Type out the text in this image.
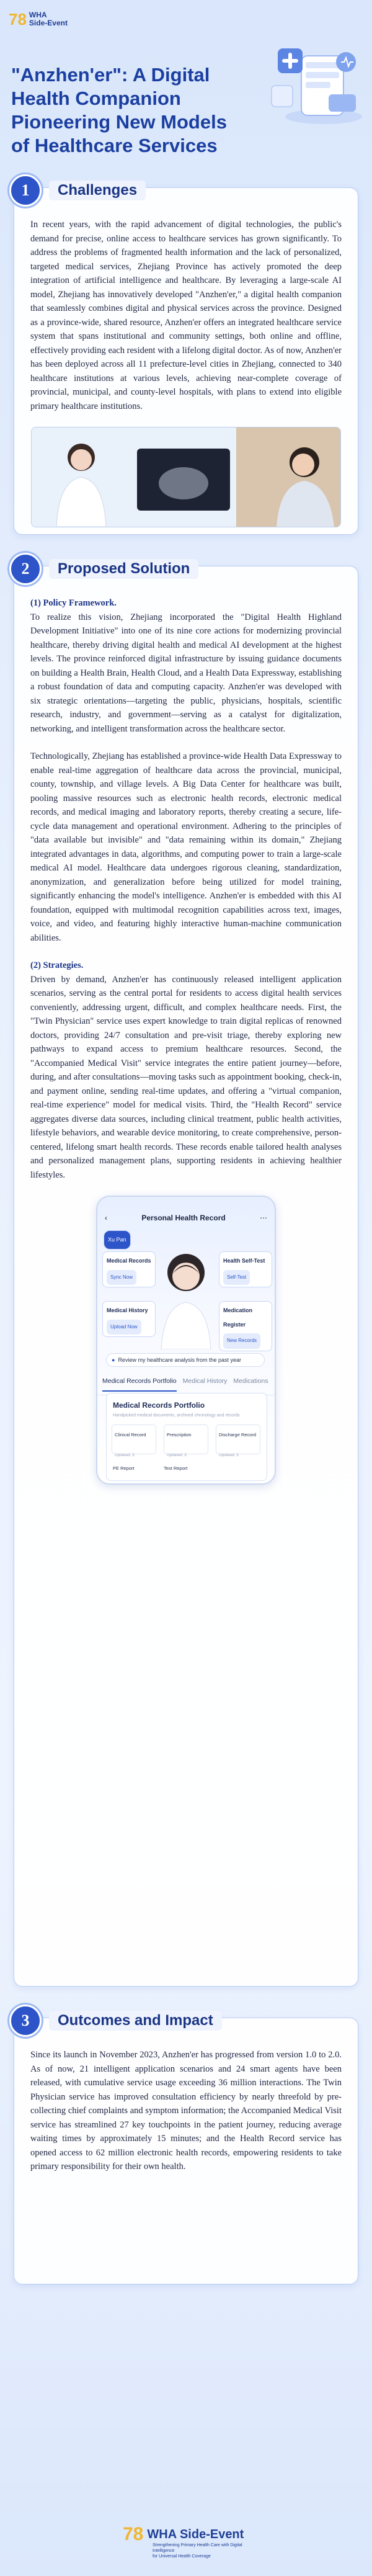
78 WHA
Side-Event
"Anzhen'er": A Digital
Health Companion
Pioneering New Models
of Healthcare Services
1	Challenges

In recent years, with the rapid advancement of digital technologies, the public's demand for precise, online access to healthcare services has grown significantly. To address the problems of fragmented health information and the lack of personalized, targeted medical services, Zhejiang Province has actively promoted the deep integration of artificial intelligence and healthcare. By leveraging a large-scale AI model, Zhejiang has innovatively developed "Anzhen'er," a digital health companion that seamlessly combines digital and physical services across the province. Designed as a province-wide, shared resource, Anzhen'er offers an integrated healthcare service system that spans institutional and community settings, both online and offline, effectively providing each resident with a lifelong digital doctor. As of now, Anzhen'er has been deployed across all 11 prefecture-level cities in Zhejiang, connected to 340 healthcare institutions at various levels, achieving near-complete coverage of provincial, municipal, and county-level hospitals, with plans to extend into eligible primary healthcare institutions.

2	Proposed Solution
(1) Policy Framework.

To realize this vision, Zhejiang incorporated the "Digital Health Highland Development Initiative" into one of its nine core actions for modernizing provincial healthcare, thereby driving digital health and medical AI development at the highest levels. The province reinforced digital infrastructure by issuing guidance documents on building a Health Brain, Health Cloud, and a Health Data Expressway, establishing a robust foundation of data and computing capacity. Anzhen'er was developed with six strategic orientations—targeting the public, physicians, hospitals, scientific research, industry, and government—serving as a catalyst for digitalization, networking, and intelligent transformation across the healthcare sector.

Technologically, Zhejiang has established a province-wide Health Data Expressway to enable real-time aggregation of healthcare data across the provincial, municipal, county, township, and village levels. A Big Data Center for healthcare was built, pooling massive resources such as electronic health records, electronic medical records, and medical imaging and laboratory reports, thereby creating a secure, life-cycle data management and operational environment. Adhering to the principles of "data available but invisible" and "data remaining within its domain," Zhejiang integrated advantages in data, algorithms, and computing power to train a large-scale medical AI model. Healthcare data undergoes rigorous cleaning, standardization, anonymization, and generalization before being utilized for model training, significantly enhancing the model's intelligence. Anzhen'er is embedded with this AI foundation, equipped with multimodal recognition capabilities across text, images, voice, and video, and featuring highly interactive human-machine communication abilities.

(2) Strategies.

Driven by demand, Anzhen'er has continuously released intelligent application scenarios, serving as the central portal for residents to access digital health services conveniently, addressing urgent, difficult, and complex healthcare needs. First, the "Twin Physician" service uses expert knowledge to train digital replicas of renowned doctors, providing 24/7 consultation and pre-visit triage, thereby exploring new pathways to expand access to premium healthcare resources. Second, the "Accompanied Medical Visit" service integrates the entire patient journey—before, during, and after consultations—moving tasks such as appointment booking, check-in, and payment online, sending real-time updates, and offering a "virtual companion, real-time experience" model for medical visits. Third, the "Health Record" service aggregates diverse data sources, including clinical treatment, public health activities, lifestyle behaviors, and wearable device monitoring, to create comprehensive, person-centered, lifelong smart health records. These records enable tailored health analyses and personalized management plans, supporting residents in achieving healthier lifestyles.

‹	Personal Health Record	⋯
Xu Pan
Medical Records
Sync Now
Health Self-Test
Self-Test
Medical History
Upload Now
Medication Register
New Records
● Review my healthcare analysis from the past year
Medical Records Portfolio Medical History Medications
Medical Records Portfolio
Handpicked medical documents, archived chronology and records
Clinical Record
Updated: 3
Prescription
Updated: 3
Discharge Record
Updated: 3
PE Report	Test Report
3	Outcomes and Impact

Since its launch in November 2023, Anzhen'er has progressed from version 1.0 to 2.0. As of now, 21 intelligent application scenarios and 24 smart agents have been released, with cumulative service usage exceeding 36 million interactions. The Twin Physician service has improved consultation efficiency by nearly threefold by pre-collecting chief complaints and symptom information; the Accompanied Medical Visit service has streamlined 27 key touchpoints in the patient journey, reducing average waiting times by approximately 15 minutes; and the Health Record service has opened access to 62 million electronic health records, empowering residents to take primary responsibility for their own health.

78 WHA Side-Event
Strengthening Primary Health Care with Digital Intelligence
for Universal Health Coverage
